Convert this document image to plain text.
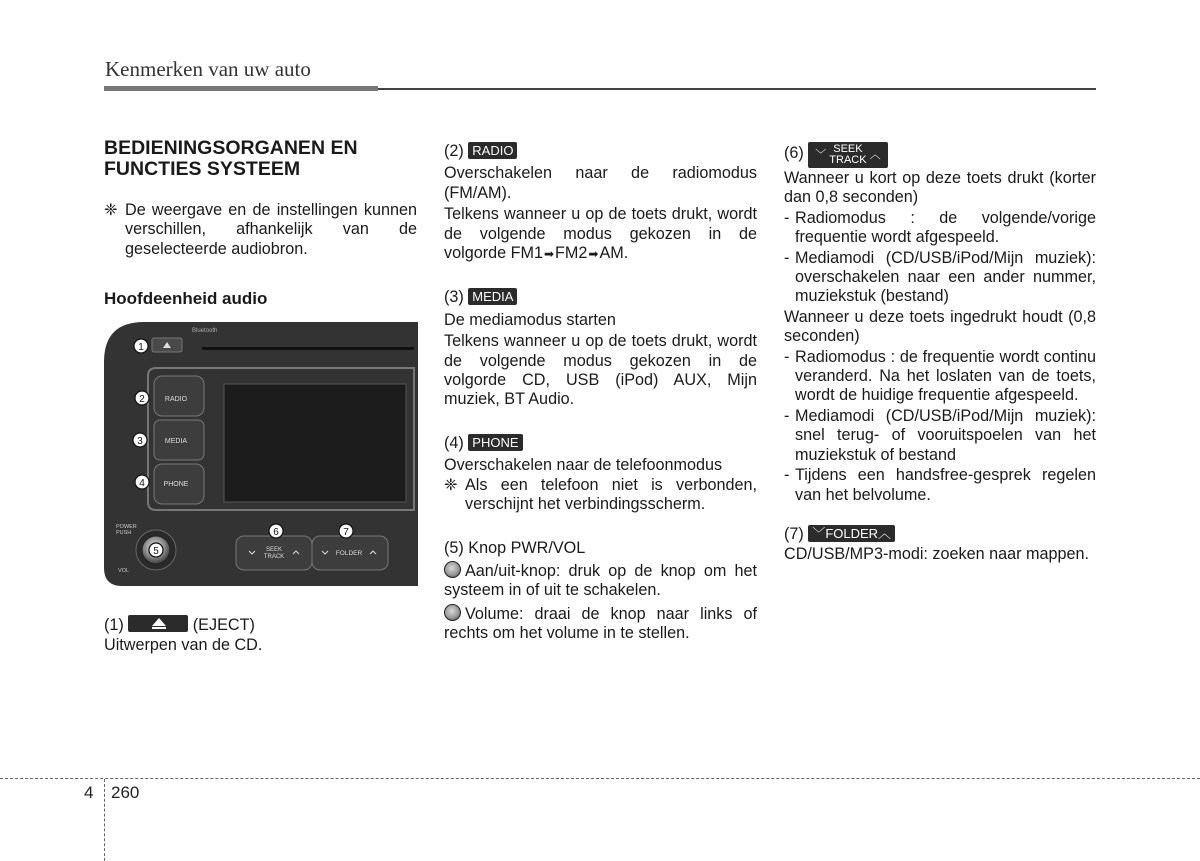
Kenmerken van uw auto
BEDIENINGSORGANEN EN
FUNCTIES SYSTEEM
❈ De weergave en de instellingen kunnen verschillen, afhankelijk van de geselecteerde audiobron.

Hoofdeenheid audio
Bluetooth
RADIO
MEDIA
PHONE
POWER
PUSH
VOL
SEEK
TRACK	FOLDER
1
2
3
4
5
6	7

(1)	(EJECT)

Uitwerpen van de CD.

(2) RADIO

Overschakelen naar de radiomodus (FM/AM).

Telkens wanneer u op de toets drukt, wordt de volgende modus gekozen in de volgorde FM1➡FM2➡AM.

(3) MEDIA

De mediamodus starten

Telkens wanneer u op de toets drukt, wordt de volgende modus gekozen in de volgorde CD, USB (iPod) AUX, Mijn muziek, BT Audio.

(4) PHONE

Overschakelen naar de telefoonmodus

❈ Als een telefoon niet is verbonden, verschijnt het verbindingsscherm.

(5) Knop PWR/VOL

Aan/uit-knop: druk op de knop om het systeem in of uit te schakelen.

Volume: draai de knop naar links of rechts om het volume in te stellen.

(6) ﹀ SEEK
TRACK ︿

Wanneer u kort op deze toets drukt (korter dan 0,8 seconden)

- Radiomodus : de volgende/vorige frequentie wordt afgespeeld.
- Mediamodi (CD/USB/iPod/Mijn muziek): overschakelen naar een ander nummer, muziekstuk (bestand)

Wanneer u deze toets ingedrukt houdt (0,8 seconden)

- Radiomodus : de frequentie wordt continu veranderd. Na het loslaten van de toets, wordt de huidige frequentie afgespeeld.
- Mediamodi (CD/USB/iPod/Mijn muziek): snel terug- of vooruitspoelen van het muziekstuk of bestand
- Tijdens een handsfree-gesprek regelen van het belvolume.

(7) ﹀FOLDER︿

CD/USB/MP3-modi: zoeken naar mappen.

4 260
